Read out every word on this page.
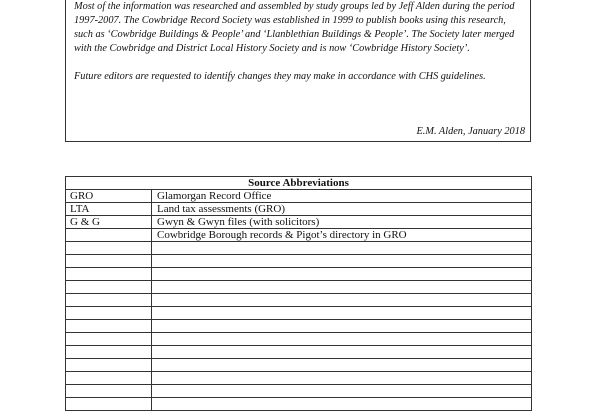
Most of the information was researched and assembled by study groups led by Jeff Alden during the period 1997-2007. The Cowbridge Record Society was established in 1999 to publish books using this research, such as ‘Cowbridge Buildings & People’ and ‘Llanblethian Buildings & People’. The Society later merged with the Cowbridge and District Local History Society and is now ‘Cowbridge History Society’.

Future editors are requested to identify changes they may make in accordance with CHS guidelines.

E.M. Alden, January 2018

Source Abbreviations	
GRO	Glamorgan Record Office
LTA	Land tax assessments (GRO)
G & G	Gwyn & Gwyn files (with solicitors)
	Cowbridge Borough records & Pigot’s directory in GRO
